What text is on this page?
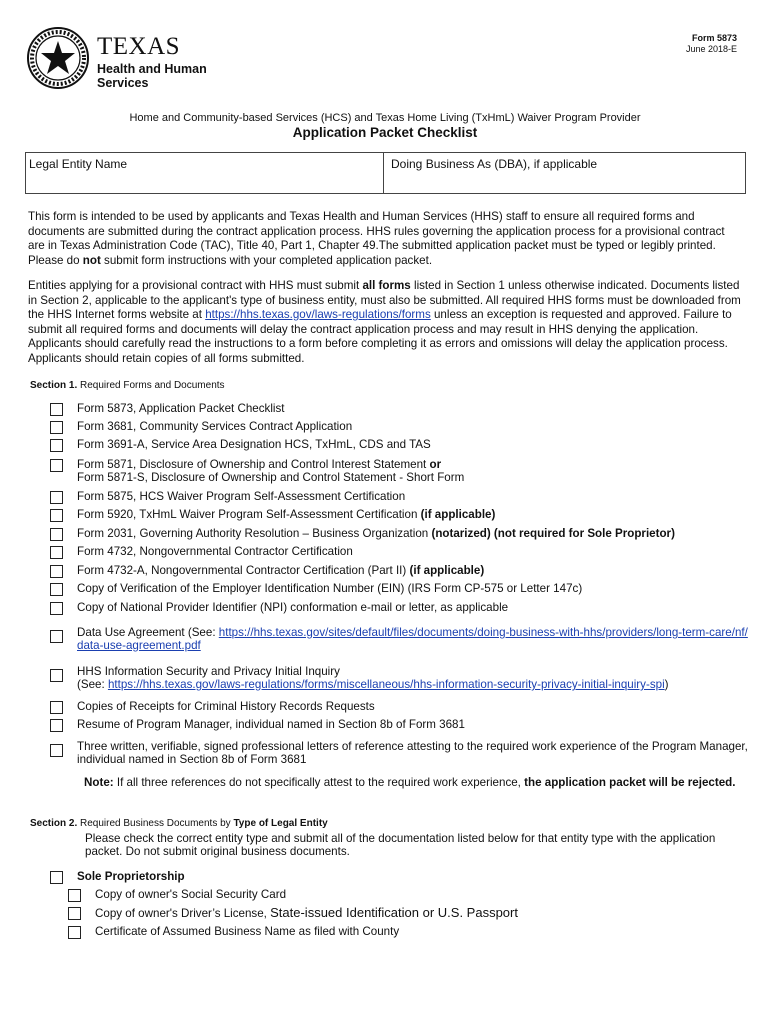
TEXAS
Health and Human
Services
Form 5873
June 2018-E
Home and Community-based Services (HCS) and Texas Home Living (TxHmL) Waiver Program Provider
Application Packet Checklist
Legal Entity Name	Doing Business As (DBA), if applicable
This form is intended to be used by applicants and Texas Health and Human Services (HHS) staff to ensure all required forms and documents are submitted during the contract application process. HHS rules governing the application process for a provisional contract are in Texas Administration Code (TAC), Title 40, Part 1, Chapter 49.The submitted application packet must be typed or legibly printed. Please do not submit form instructions with your completed application packet.
Entities applying for a provisional contract with HHS must submit all forms listed in Section 1 unless otherwise indicated. Documents listed in Section 2, applicable to the applicant's type of business entity, must also be submitted. All required HHS forms must be downloaded from the HHS Internet forms website at https://hhs.texas.gov/laws-regulations/forms unless an exception is requested and approved. Failure to submit all required forms and documents will delay the contract application process and may result in HHS denying the application. Applicants should carefully read the instructions to a form before completing it as errors and omissions will delay the application process. Applicants should retain copies of all forms submitted.
Section 1. Required Forms and Documents
Form 5873, Application Packet Checklist
Form 3681, Community Services Contract Application
Form 3691-A, Service Area Designation HCS, TxHmL, CDS and TAS
Form 5871, Disclosure of Ownership and Control Interest Statement or
Form 5871-S, Disclosure of Ownership and Control Statement - Short Form
Form 5875, HCS Waiver Program Self-Assessment Certification
Form 5920, TxHmL Waiver Program Self-Assessment Certification (if applicable)
Form 2031, Governing Authority Resolution – Business Organization (notarized) (not required for Sole Proprietor)
Form 4732, Nongovernmental Contractor Certification
Form 4732-A, Nongovernmental Contractor Certification (Part II) (if applicable)
Copy of Verification of the Employer Identification Number (EIN) (IRS Form CP-575 or Letter 147c)
Copy of National Provider Identifier (NPI) conformation e-mail or letter, as applicable
Data Use Agreement (See: https://hhs.texas.gov/sites/default/files/documents/doing-business-with-hhs/providers/long-term-care/nf/data-use-agreement.pdf
HHS Information Security and Privacy Initial Inquiry
(See: https://hhs.texas.gov/laws-regulations/forms/miscellaneous/hhs-information-security-privacy-initial-inquiry-spi)
Copies of Receipts for Criminal History Records Requests
Resume of Program Manager, individual named in Section 8b of Form 3681
Three written, verifiable, signed professional letters of reference attesting to the required work experience of the Program Manager, individual named in Section 8b of Form 3681
Note: If all three references do not specifically attest to the required work experience, the application packet will be rejected.
Section 2. Required Business Documents by Type of Legal Entity
Please check the correct entity type and submit all of the documentation listed below for that entity type with the application packet. Do not submit original business documents.
Sole Proprietorship
Copy of owner's Social Security Card
Copy of owner's Driver’s License, State-issued Identification or U.S. Passport
Certificate of Assumed Business Name as filed with County
